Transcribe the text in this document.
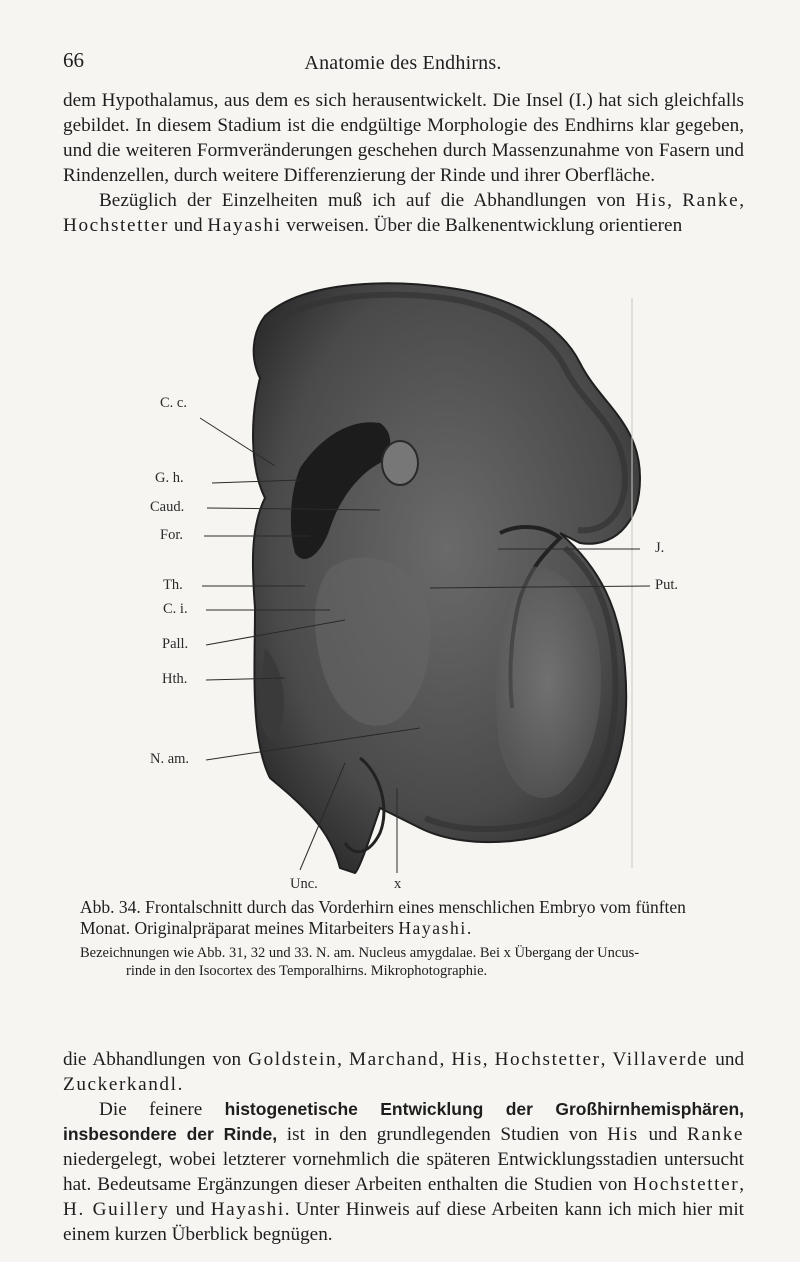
66	Anatomie des Endhirns.

dem Hypothalamus, aus dem es sich herausentwickelt. Die Insel (I.) hat sich gleichfalls gebildet. In diesem Stadium ist die endgültige Morphologie des Endhirns klar gegeben, und die weiteren Formveränderungen geschehen durch Massenzunahme von Fasern und Rindenzellen, durch weitere Differenzierung der Rinde und ihrer Oberfläche.

Bezüglich der Einzelheiten muß ich auf die Abhandlungen von His, Ranke, Hochstetter und Hayashi verweisen. Über die Balkenentwicklung orientieren

C. c.
G. h.
Caud.
For.
Th.
C. i.
Pall.
Hth.
N. am.
J.
Put.
Unc.	x
Abb. 34. Frontalschnitt durch das Vorderhirn eines menschlichen Embryo vom fünften Monat. Originalpräparat meines Mitarbeiters Hayashi.
Bezeichnungen wie Abb. 31, 32 und 33. N. am. Nucleus amygdalae. Bei x Übergang der Uncus-
rinde in den Isocortex des Temporalhirns. Mikrophotographie.

die Abhandlungen von Goldstein, Marchand, His, Hochstetter, Villaverde und Zuckerkandl.

Die feinere histogenetische Entwicklung der Großhirnhemisphären, insbesondere der Rinde, ist in den grundlegenden Studien von His und Ranke niedergelegt, wobei letzterer vornehmlich die späteren Entwicklungsstadien untersucht hat. Bedeutsame Ergänzungen dieser Arbeiten enthalten die Studien von Hochstetter, H. Guillery und Hayashi. Unter Hinweis auf diese Arbeiten kann ich mich hier mit einem kurzen Überblick begnügen.
